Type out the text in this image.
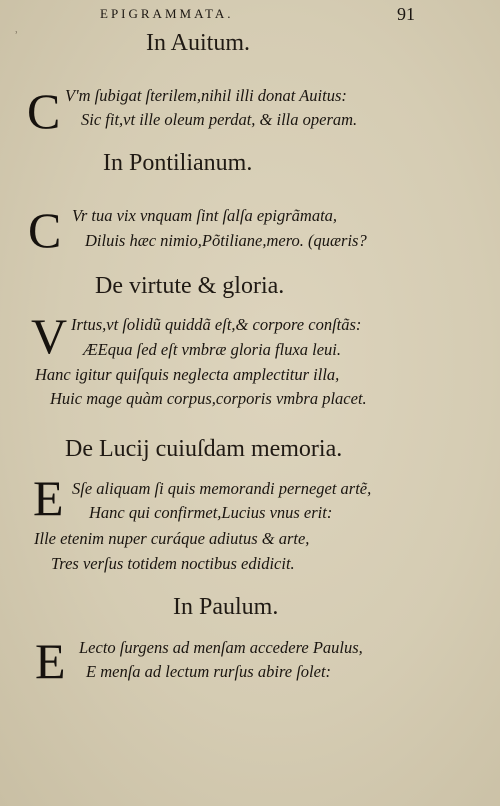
EPIGRAMMATA.	91
ʾ	In Auitum.
C V'm ſubigat ſterilem,nihil illi donat Auitus:
Sic fit,vt ille oleum perdat, & illa operam.
In Pontilianum.
C Vr tua vix vnquam ſint ſalſa epigrãmata,
Diluis hæc nimio,Põtiliane,mero. (quæris?
De virtute & gloria.
V Irtus,vt ſolidũ quiddã eſt,& corpore conſtãs:
ÆEqua ſed eſt vmbræ gloria fluxa leui.
Hanc igitur quiſquis neglecta amplectitur illa,
Huic mage quàm corpus,corporis vmbra placet.
De Lucij cuiuſdam memoria.
E Sſe aliquam ſi quis memorandi perneget artẽ,
Hanc qui confirmet,Lucius vnus erit:
Ille etenim nuper curáque adiutus & arte,
Tres verſus totidem noctibus edidicit.
In Paulum.
E Lecto ſurgens ad menſam accedere Paulus,
E menſa ad lectum rurſus abire ſolet:
